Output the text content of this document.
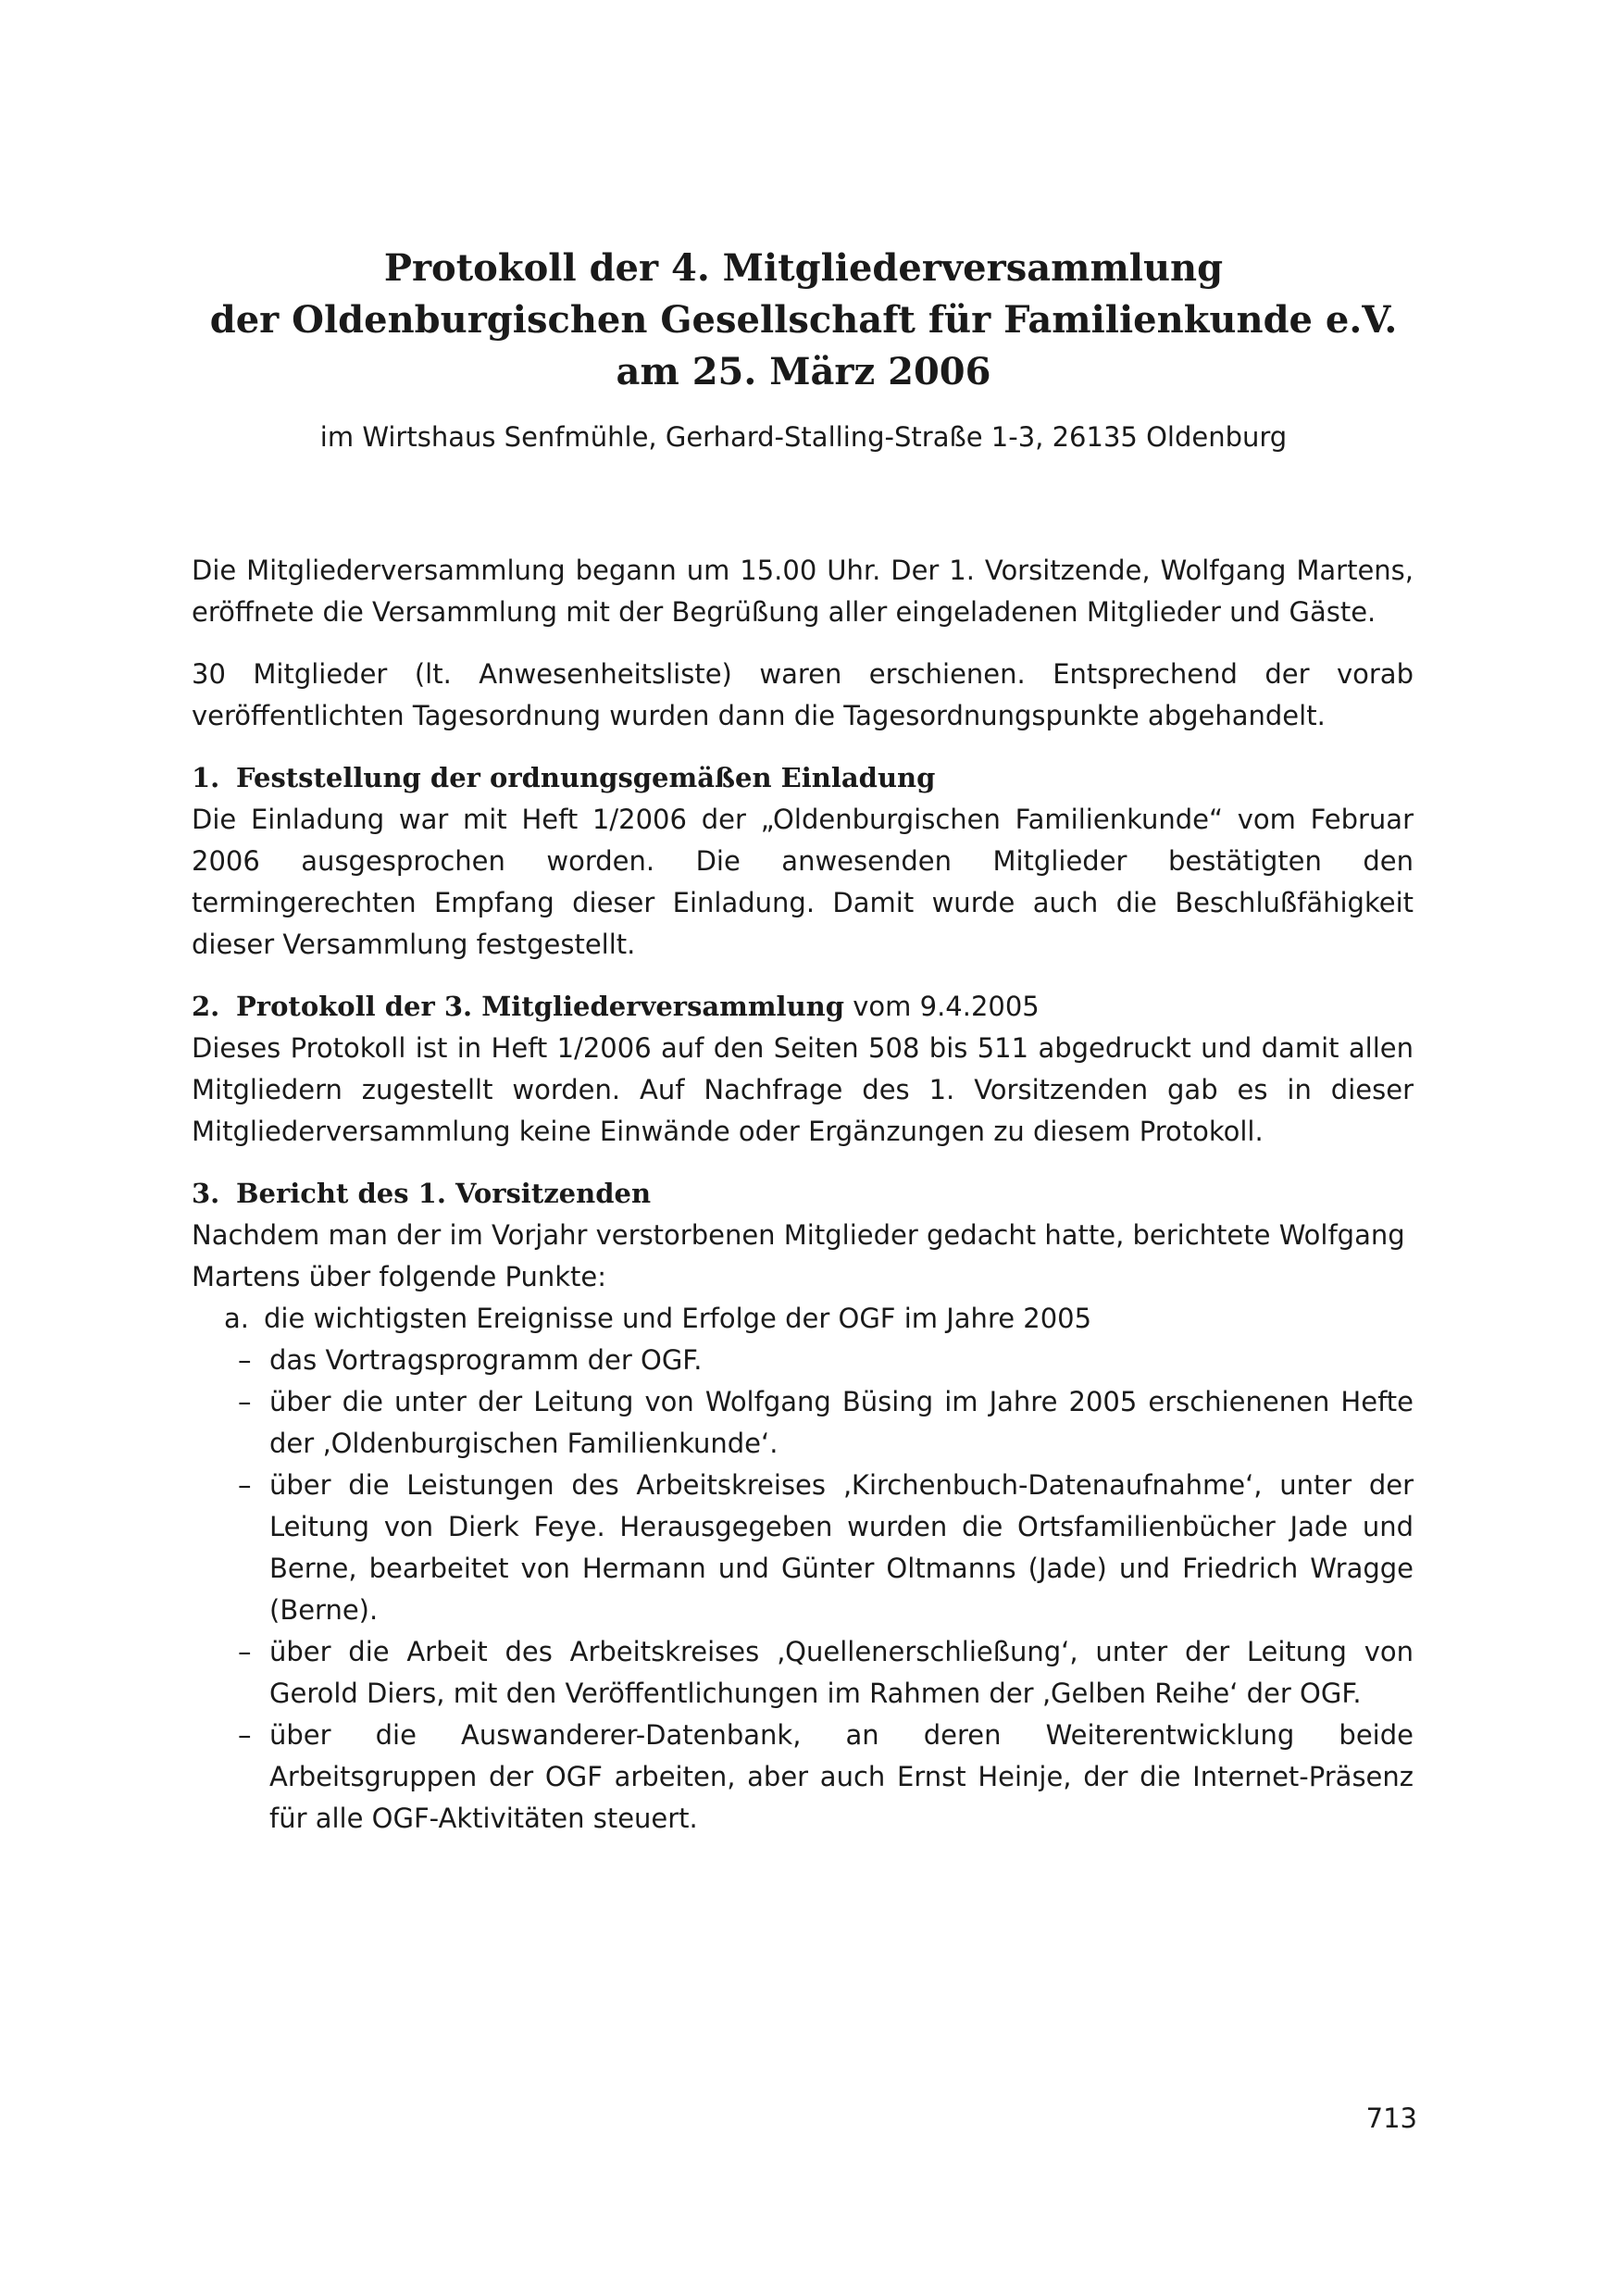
Protokoll der 4. Mitgliederversammlung
der Oldenburgischen Gesellschaft für Familienkunde e.V.
am 25. März 2006
im Wirtshaus Senfmühle, Gerhard-Stalling-Straße 1-3, 26135 Oldenburg

Die Mitgliederversammlung begann um 15.00 Uhr. Der 1. Vorsitzende, Wolfgang Martens, eröffnete die Versammlung mit der Begrüßung aller eingeladenen Mitglieder und Gäste.

30 Mitglieder (lt. Anwesenheitsliste) waren erschienen. Entsprechend der vorab veröffentlichten Tagesordnung wurden dann die Tagesordnungspunkte abgehandelt.

1. Feststellung der ordnungsgemäßen Einladung

Die Einladung war mit Heft 1/2006 der „Oldenburgischen Familienkunde“ vom Februar 2006 ausgesprochen worden. Die anwesenden Mitglieder bestätigten den termingerechten Empfang dieser Einladung. Damit wurde auch die Beschlußfähigkeit dieser Versammlung festgestellt.

2. Protokoll der 3. Mitgliederversammlung vom 9.4.2005

Dieses Protokoll ist in Heft 1/2006 auf den Seiten 508 bis 511 abgedruckt und damit allen Mitgliedern zugestellt worden. Auf Nachfrage des 1. Vorsitzenden gab es in dieser Mitgliederversammlung keine Einwände oder Ergänzungen zu diesem Protokoll.

3. Bericht des 1. Vorsitzenden

Nachdem man der im Vorjahr verstorbenen Mitglieder gedacht hatte, berichtete Wolfgang Martens über folgende Punkte:

a. die wichtigsten Ereignisse und Erfolge der OGF im Jahre 2005
– das Vortragsprogramm der OGF.
– über die unter der Leitung von Wolfgang Büsing im Jahre 2005 erschienenen Hefte der ‚Oldenburgischen Familienkunde‘.
– über die Leistungen des Arbeitskreises ‚Kirchenbuch-Datenaufnahme‘, unter der Leitung von Dierk Feye. Herausgegeben wurden die Ortsfamilienbücher Jade und Berne, bearbeitet von Hermann und Günter Oltmanns (Jade) und Friedrich Wragge (Berne).
– über die Arbeit des Arbeitskreises ‚Quellenerschließung‘, unter der Leitung von Gerold Diers, mit den Veröffentlichungen im Rahmen der ‚Gelben Reihe‘ der OGF.
– über die Auswanderer-Datenbank, an deren Weiterentwicklung beide Arbeitsgruppen der OGF arbeiten, aber auch Ernst Heinje, der die Internet-Präsenz für alle OGF-Aktivitäten steuert.
713
